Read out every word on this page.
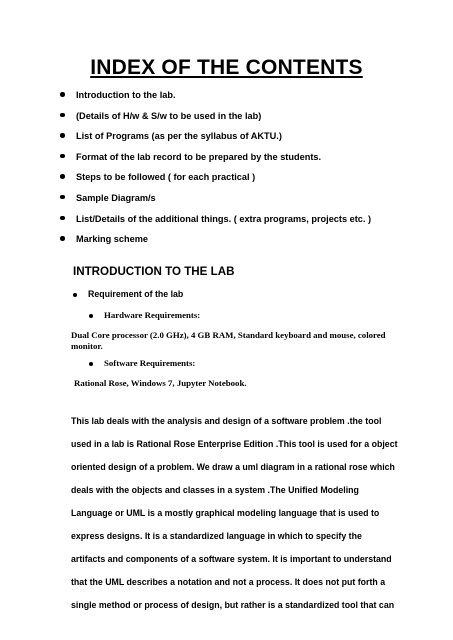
INDEX OF THE CONTENTS
Introduction to the lab.
(Details of H/w & S/w to be used in the lab)
List of Programs (as per the syllabus of AKTU.)
Format of the lab record to be prepared by the students.
Steps to be followed ( for each practical )
Sample Diagram/s
List/Details of the additional things. ( extra programs, projects etc. )
Marking scheme
INTRODUCTION TO THE LAB
Requirement of the lab
Hardware Requirements:
Dual Core processor (2.0 GHz), 4 GB RAM, Standard keyboard and mouse, colored
monitor.
Software Requirements:
Rational Rose, Windows 7, Jupyter Notebook.
This lab deals with the analysis and design of a software problem .the tool
used in a lab is Rational Rose Enterprise Edition .This tool is used for a object
oriented design of a problem. We draw a uml diagram in a rational rose which
deals with the objects and classes in a system .The Unified Modeling
Language or UML is a mostly graphical modeling language that is used to
express designs. It is a standardized language in which to specify the
artifacts and components of a software system. It is important to understand
that the UML describes a notation and not a process. It does not put forth a
single method or process of design, but rather is a standardized tool that can
